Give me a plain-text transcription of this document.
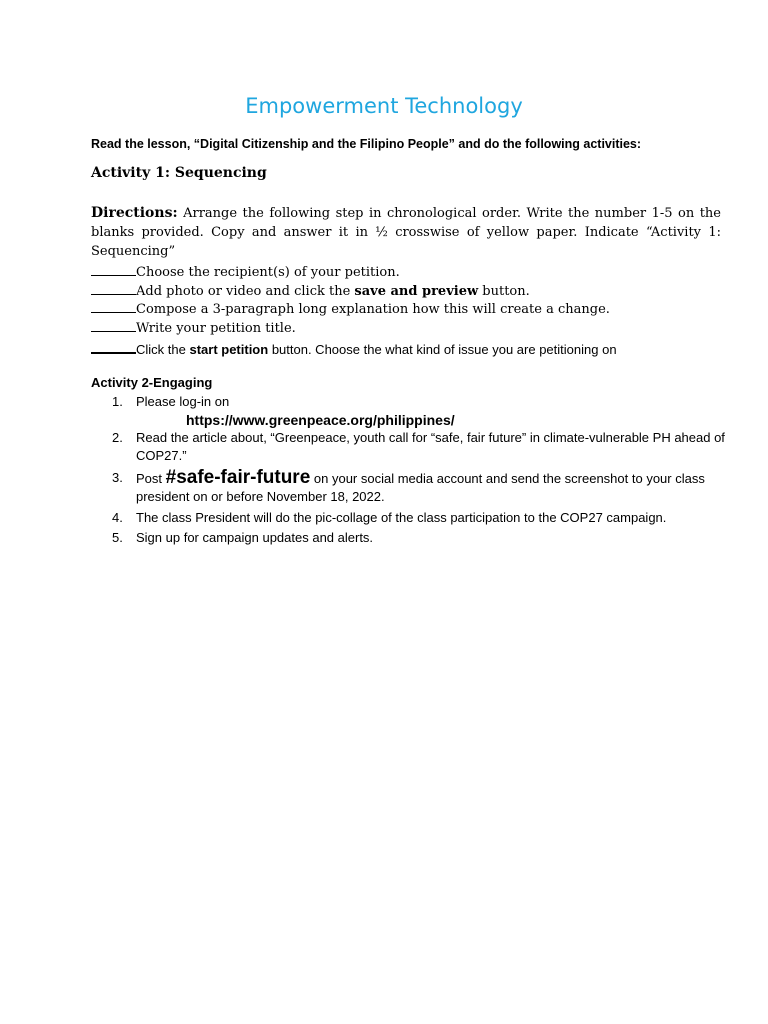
Empowerment Technology
Read the lesson, “Digital Citizenship and the Filipino People” and do the following activities:
Activity 1: Sequencing
Directions: Arrange the following step in chronological order. Write the number 1-5 on the blanks provided. Copy and answer it in ½ crosswise of yellow paper. Indicate “Activity 1: Sequencing”
Choose the recipient(s) of your petition.
Add photo or video and click the save and preview button.
Compose a 3-paragraph long explanation how this will create a change.
Write your petition title.
Click the start petition button. Choose the what kind of issue you are petitioning on
Activity 2-Engaging
1. Please log-in on
https://www.greenpeace.org/philippines/
2. Read the article about, “Greenpeace, youth call for “safe, fair future” in climate-vulnerable PH ahead of COP27.”
3. Post #safe-fair-future on your social media account and send the screenshot to your class president on or before November 18, 2022.
4. The class President will do the pic-collage of the class participation to the COP27 campaign.
5. Sign up for campaign updates and alerts.
